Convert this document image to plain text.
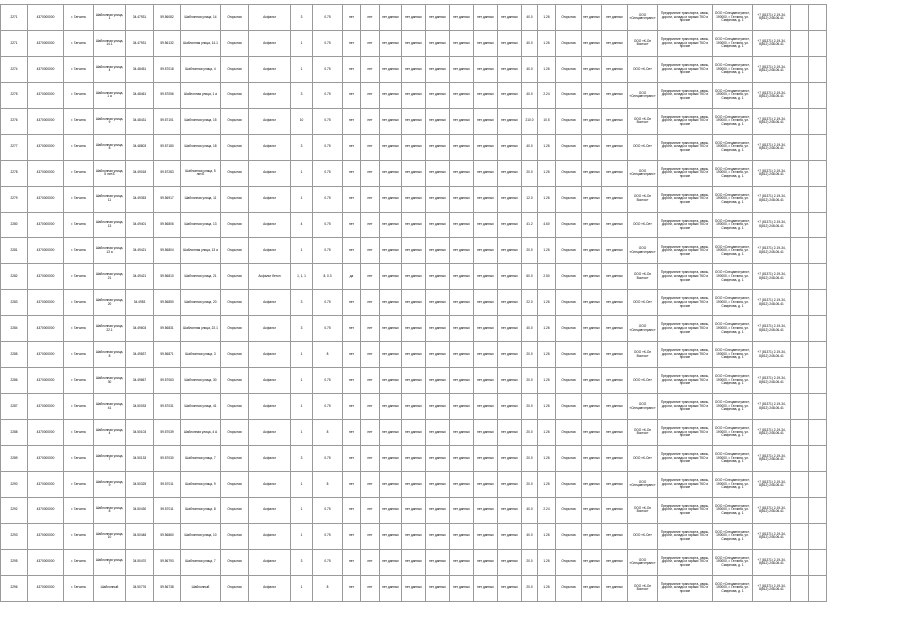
2271	4370000000	г. Гатчина	Шаблонная улица, 1	34.47931	59.56082	Шаблонная улица, 14	Открытая	Асфальт	3	0.75	нет	нет	нет данных	нет данных	нет данных	нет данных	нет данных	нет данных	40.0	1.26	Открытая	нет данных	нет данных	ООО «Спецавтотранс»	Предприятие транспорта, связь, дороги, склады и гаражи ТКО и прочие	ООО «Спецавтотранс», 190000, г. Гатчина, ул. Смирнова, д. 1	+7 (81371) 2-19-34, 8(812) 248-06-41		
2271	4370000000	г. Гатчина	Шаблонная улица, 14.1	34.47931	59.56132	Шаблонная улица, 14.1	Открытая	Асфальт	1	0.75	нет	нет	нет данных	нет данных	нет данных	нет данных	нет данных	нет данных	40.0	1.26	Открытая	нет данных	нет данных	ООО «К-Ол Восток»	Предприятие транспорта, связь, дороги, склады и гаражи ТКО и прочие	ООО «Спецавтотранс», 190000, г. Гатчина, ул. Смирнова, д. 1	+7 (81371) 2-19-34, 8(812) 248-06-41		
2274	4370000000	г. Гатчина	Шаблонная улица, 4	34.48451	59.57018	Шаблонная улица, 4	Открытая	Асфальт	1	0.75	нет	нет	нет данных	нет данных	нет данных	нет данных	нет данных	нет данных	40.0	1.26	Открытая	нет данных	нет данных	ООО «К-Ол»	Предприятие транспорта, связь, дороги, склады и гаражи ТКО и прочие	ООО «Спецавтотранс», 190000, г. Гатчина, ул. Смирнова, д. 1	+7 (81371) 2-19-34, 8(812) 248-06-41		
2275	4370000000	г. Гатчина	Шаблонная улица, 1 а	34.48461	59.57056	Шаблонная улица, 1 а	Открытая	Асфальт	3	0.75	нет	нет	нет данных	нет данных	нет данных	нет данных	нет данных	нет данных	40.0	2.24	Открытая	нет данных	нет данных	ООО «Спецавтотранс»	Предприятие транспорта, связь, дороги, склады и гаражи ТКО и прочие	ООО «Спецавтотранс», 190000, г. Гатчина, ул. Смирнова, д. 1	+7 (81371) 2-19-34, 8(812) 248-06-41		
2276	4370000000	г. Гатчина	Шаблонная улица, 9	34.48431	59.57101	Шаблонная улица, 15	Открытая	Асфальт	10	0.75	нет	нет	нет данных	нет данных	нет данных	нет данных	нет данных	нет данных	210.0	10.5	Открытая	нет данных	нет данных	ООО «К-Ол Восток»	Предприятие транспорта, связь, дороги, склады и гаражи ТКО и прочие	ООО «Спецавтотранс», 190000, г. Гатчина, ул. Смирнова, д. 1	+7 (81371) 2-19-34, 8(812) 248-06-41		
2277	4370000000	г. Гатчина	Шаблонная улица, 8	34.48803	59.57180	Шаблонная улица, 18	Открытая	Асфальт	3	0.75	нет	нет	нет данных	нет данных	нет данных	нет данных	нет данных	нет данных	40.0	1.26	Открытая	нет данных	нет данных	ООО «К-Ол»	Предприятие транспорта, связь, дороги, склады и гаражи ТКО и прочие	ООО «Спецавтотранс», 190000, г. Гатчина, ул. Смирнова, д. 1	+7 (81371) 2-19-34, 8(812) 248-06-41		
2278	4370000000	г. Гатчина	Шаблонная улица, 5 лит.Б	34.49018	59.57283	Шаблонная улица, 5 лит.Б	Открытая	Асфальт	1	0.75	нет	нет	нет данных	нет данных	нет данных	нет данных	нет данных	нет данных	20.0	1.26	Открытая	нет данных	нет данных	ООО «Спецавтотранс»	Предприятие транспорта, связь, дороги, склады и гаражи ТКО и прочие	ООО «Спецавтотранс», 190000, г. Гатчина, ул. Смирнова, д. 1	+7 (81371) 2-19-34, 8(812) 248-06-41		
2279	4370000000	г. Гатчина	Шаблонная улица, 11	34.49353	59.56917	Шаблонная улица, 11	Открытая	Асфальт	1	0.75	нет	нет	нет данных	нет данных	нет данных	нет данных	нет данных	нет данных	12.0	1.26	Открытая	нет данных	нет данных	ООО «К-Ол Восток»	Предприятие транспорта, связь, дороги, склады и гаражи ТКО и прочие	ООО «Спецавтотранс», 190000, г. Гатчина, ул. Смирнова, д. 1	+7 (81371) 2-19-34, 8(812) 248-06-41		
2280	4370000000	г. Гатчина	Шаблонная улица, 13	34.49401	59.56806	Шаблонная улица, 13	Открытая	Асфальт	4	0.75	нет	нет	нет данных	нет данных	нет данных	нет данных	нет данных	нет данных	41.2	4.60	Открытая	нет данных	нет данных	ООО «К-Ол»	Предприятие транспорта, связь, дороги, склады и гаражи ТКО и прочие	ООО «Спецавтотранс», 190000, г. Гатчина, ул. Смирнова, д. 1	+7 (81371) 2-19-34, 8(812) 248-06-41		
2281	4370000000	г. Гатчина	Шаблонная улица, 13 а	34.49421	59.56804	Шаблонная улица, 13 а	Открытая	Асфальт	1	0.75	нет	нет	нет данных	нет данных	нет данных	нет данных	нет данных	нет данных	20.0	1.26	Открытая	нет данных	нет данных	ООО «Спецавтотранс»	Предприятие транспорта, связь, дороги, склады и гаражи ТКО и прочие	ООО «Спецавтотранс», 190000, г. Гатчина, ул. Смирнова, д. 1	+7 (81371) 2-19-34, 8(812) 248-06-41		
2282	4370000000	г. Гатчина	Шаблонная улица, 21	34.49421	59.56810	Шаблонная улица, 21	Открытая	Асфальт бетон	1, 1, 1	8, 0.3	да	нет	нет данных	нет данных	нет данных	нет данных	нет данных	нет данных	60.0	2.50	Открытая	нет данных	нет данных	ООО «К-Ол Восток»	Предприятие транспорта, связь, дороги, склады и гаражи ТКО и прочие	ООО «Спецавтотранс», 190000, г. Гатчина, ул. Смирнова, д. 1	+7 (81371) 2-19-34, 8(812) 248-06-41		
2283	4370000000	г. Гатчина	Шаблонная улица, 20	34.4953	59.56850	Шаблонная улица, 20	Открытая	Асфальт	3	0.75	нет	нет	нет данных	нет данных	нет данных	нет данных	нет данных	нет данных	22.0	1.26	Открытая	нет данных	нет данных	ООО «К-Ол»	Предприятие транспорта, связь, дороги, склады и гаражи ТКО и прочие	ООО «Спецавтотранс», 190000, г. Гатчина, ул. Смирнова, д. 1	+7 (81371) 2-19-34, 8(812) 248-06-41		
2284	4370000000	г. Гатчина	Шаблонная улица, 22.1	34.49603	59.56831	Шаблонная улица, 22.1	Открытая	Асфальт	3	0.75	нет	нет	нет данных	нет данных	нет данных	нет данных	нет данных	нет данных	40.0	1.26	Открытая	нет данных	нет данных	ООО «Спецавтотранс»	Предприятие транспорта, связь, дороги, склады и гаражи ТКО и прочие	ООО «Спецавтотранс», 190000, г. Гатчина, ул. Смирнова, д. 1	+7 (81371) 2-19-34, 8(812) 248-06-41		
2285	4370000000	г. Гатчина	Шаблонная улица, 8	34.49837	59.56871	Шаблонная улица, 3	Открытая	Асфальт	1	8	нет	нет	нет данных	нет данных	нет данных	нет данных	нет данных	нет данных	20.0	1.26	Открытая	нет данных	нет данных	ООО «К-Ол Восток»	Предприятие транспорта, связь, дороги, склады и гаражи ТКО и прочие	ООО «Спецавтотранс», 190000, г. Гатчина, ул. Смирнова, д. 1	+7 (81371) 2-19-34, 8(812) 248-06-41		
2286	4370000000	г. Гатчина	Шаблонная улица, 30	34.49867	59.57063	Шаблонная улица, 30	Открытая	Асфальт	1	0.75	нет	нет	нет данных	нет данных	нет данных	нет данных	нет данных	нет данных	20.0	1.26	Открытая	нет данных	нет данных	ООО «К-Ол»	Предприятие транспорта, связь, дороги, склады и гаражи ТКО и прочие	ООО «Спецавтотранс», 190000, г. Гатчина, ул. Смирнова, д. 1	+7 (81371) 2-19-34, 8(812) 248-06-41		
2287	4370000000	г. Гатчина	Шаблонная улица, 41	34.50033	59.57031	Шаблонная улица, 41	Открытая	Асфальт	1	0.75	нет	нет	нет данных	нет данных	нет данных	нет данных	нет данных	нет данных	20.0	1.26	Открытая	нет данных	нет данных	ООО «Спецавтотранс»	Предприятие транспорта, связь, дороги, склады и гаражи ТКО и прочие	ООО «Спецавтотранс», 190000, г. Гатчина, ул. Смирнова, д. 1	+7 (81371) 2-19-34, 8(812) 248-06-41		
2288	4370000000	г. Гатчина	Шаблонная улица, 4	34.50103	59.57039	Шаблонная улица, 4 А	Открытая	Асфальт	1	8	нет	нет	нет данных	нет данных	нет данных	нет данных	нет данных	нет данных	20.0	1.26	Открытая	нет данных	нет данных	ООО «К-Ол Восток»	Предприятие транспорта, связь, дороги, склады и гаражи ТКО и прочие	ООО «Спецавтотранс», 190000, г. Гатчина, ул. Смирнова, д. 1	+7 (81371) 2-19-34, 8(812) 248-06-41		
2289	4370000000	г. Гатчина	Шаблонная улица, 7	34.50133	59.57030	Шаблонная улица, 7	Открытая	Асфальт	3	0.75	нет	нет	нет данных	нет данных	нет данных	нет данных	нет данных	нет данных	20.0	1.26	Открытая	нет данных	нет данных	ООО «К-Ол»	Предприятие транспорта, связь, дороги, склады и гаражи ТКО и прочие	ООО «Спецавтотранс», 190000, г. Гатчина, ул. Смирнова, д. 1	+7 (81371) 2-19-34, 8(812) 248-06-41		
2290	4370000000	г. Гатчина	Шаблонная улица, 9	34.50325	59.57011	Шаблонная улица, 9	Открытая	Асфальт	1	8	нет	нет	нет данных	нет данных	нет данных	нет данных	нет данных	нет данных	20.0	1.26	Открытая	нет данных	нет данных	ООО «Спецавтотранс»	Предприятие транспорта, связь, дороги, склады и гаражи ТКО и прочие	ООО «Спецавтотранс», 190000, г. Гатчина, ул. Смирнова, д. 1	+7 (81371) 2-19-34, 8(812) 248-06-41		
2292	4370000000	г. Гатчина	Шаблонная улица, 8	34.50430	59.57011	Шаблонная улица, 8	Открытая	Асфальт	1	0.75	нет	нет	нет данных	нет данных	нет данных	нет данных	нет данных	нет данных	40.0	2.24	Открытая	нет данных	нет данных	ООО «К-Ол Восток»	Предприятие транспорта, связь, дороги, склады и гаражи ТКО и прочие	ООО «Спецавтотранс», 190000, г. Гатчина, ул. Смирнова, д. 1	+7 (81371) 2-19-34, 8(812) 248-06-41		
2293	4370000000	г. Гатчина	Шаблонная улица, 10	34.50448	59.56860	Шаблонная улица, 10	Открытая	Асфальт	1	0.75	нет	нет	нет данных	нет данных	нет данных	нет данных	нет данных	нет данных	40.0	1.26	Открытая	нет данных	нет данных	ООО «К-Ол»	Предприятие транспорта, связь, дороги, склады и гаражи ТКО и прочие	ООО «Спецавтотранс», 190000, г. Гатчина, ул. Смирнова, д. 1	+7 (81371) 2-19-34, 8(812) 248-06-41		
2295	4370000000	г. Гатчина	Шаблонная улица, 7	34.50470	59.56793	Шаблонная улица, 7	Открытая	Асфальт	3	0.75	нет	нет	нет данных	нет данных	нет данных	нет данных	нет данных	нет данных	20.0	1.26	Открытая	нет данных	нет данных	ООО «Спецавтотранс»	Предприятие транспорта, связь, дороги, склады и гаражи ТКО и прочие	ООО «Спецавтотранс», 190000, г. Гатчина, ул. Смирнова, д. 1	+7 (81371) 2-19-34, 8(812) 248-06-41		
2296	4370000000	г. Гатчина	Шаблонный	34.50776	59.56738	Шаблонный	Открытая	Асфальт	1	8	нет	нет	нет данных	нет данных	нет данных	нет данных	нет данных	нет данных	20.0	1.26	Открытая	нет данных	нет данных	ООО «К-Ол Восток»	Предприятие транспорта, связь, дороги, склады и гаражи ТКО и прочие	ООО «Спецавтотранс», 190000, г. Гатчина, ул. Смирнова, д. 1	+7 (81371) 2-19-34, 8(812) 248-06-41		
